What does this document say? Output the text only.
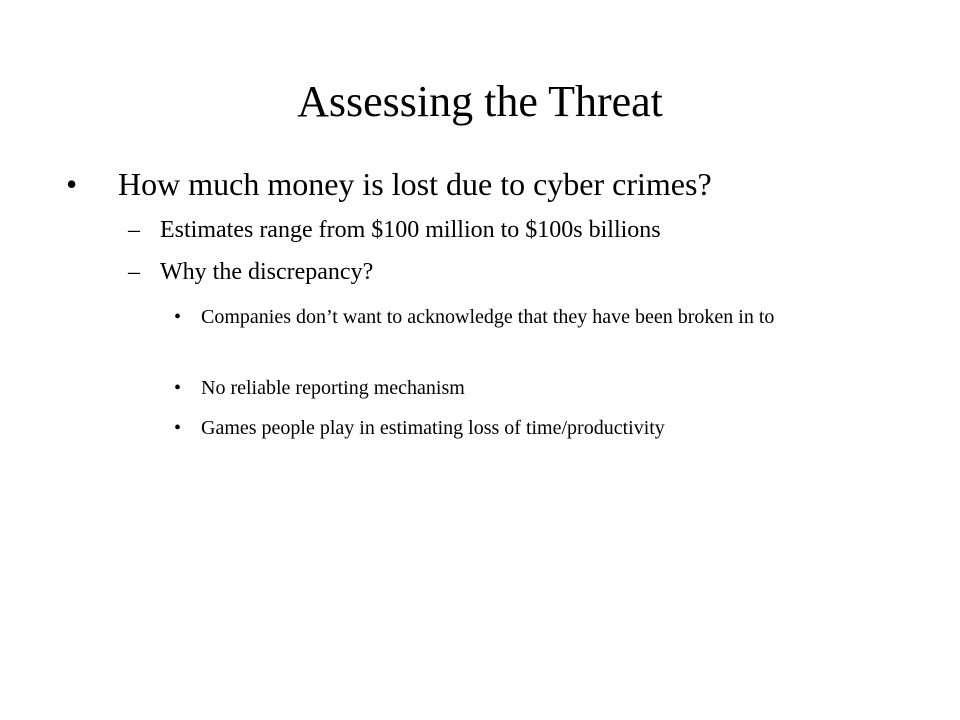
Assessing the Threat
• How much money is lost due to cyber crimes?
– Estimates range from $100 million to $100s billions
– Why the discrepancy?
• Companies don’t want to acknowledge that they have been broken in to
• No reliable reporting mechanism
• Games people play in estimating loss of time/productivity
